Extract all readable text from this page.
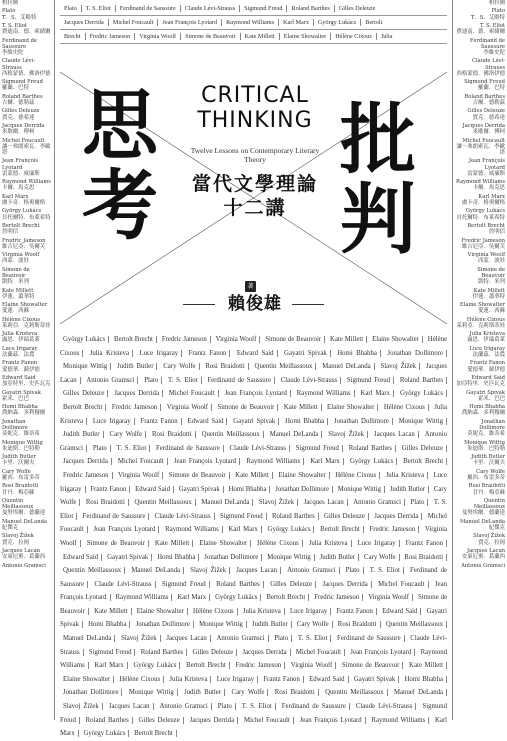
柏拉圖
Plato
T．S．艾略特
T. S. Eliot
費迪南．德．索緒爾
Ferdinand de Saussure
李維史陀
Claude Lévi-Strauss
西格蒙德．佛洛伊德
Sigmund Freud
羅蘭．巴特
Roland Barthes
吉爾．德勒茲
Gilles Deleuze
賈克．德希達
Jacques Derrida
米歇爾．傅柯
Michel Foucault
讓－弗朗索瓦．李歐塔
Jean François Lyotard
雷蒙德．威廉斯
Raymond Williams
卡爾．馬克思
Karl Marx
盧卡奇．格奧爾格
György Lukács
貝托爾特．布萊希特
Bertolt Brecht
詹明信
Fredric Jameson
維吉尼亞．吳爾芙
Virginia Woolf
西蒙．波娃
Simone de Beauvoir
凱特．米列
Kate Millett
伊蓮．蕭華特
Elaine Showalter
愛蓮．西蘇
Hélène Cixous
茱莉亞．克莉斯蒂娃
Julia Kristeva
露思．伊瑞葛萊
Luce Irigaray
法蘭茲．法農
Frantz Fanon
愛德華．薩伊德
Edward Said
加亞特里．史匹瓦克
Gayatri Spivak
霍米．巴巴
Homi Bhabha
喬納森．多利穆爾
Jonathan Dollimore
莫妮克．維蒂希
Monique Wittig
朱迪斯．巴特勒
Judith Butler
卡里．沃爾夫
Cary Wolfe
羅西．布雷多蒂
Rosi Braidotti
甘丹．梅亞蘇
Quentin Meillassoux
曼努埃爾．德蘭達
Manuel DeLanda
紀傑克
Slavoj Žižek
賈克．拉岡
Jacques Lacan
安東尼奧．葛蘭西
Antonio Gramsci
柏拉圖
Plato
T．S．艾略特
T. S. Eliot
費迪南．德．索緒爾
Ferdinand de Saussure
李維史陀
Claude Lévi-Strauss
西格蒙德．佛洛伊德
Sigmund Freud
羅蘭．巴特
Roland Barthes
吉爾．德勒茲
Gilles Deleuze
賈克．德希達
Jacques Derrida
米歇爾．傅柯
Michel Foucault
讓－弗朗索瓦．李歐塔
Jean François Lyotard
雷蒙德．威廉斯
Raymond Williams
卡爾．馬克思
Karl Marx
盧卡奇．格奧爾格
György Lukács
貝托爾特．布萊希特
Bertolt Brecht
詹明信
Fredric Jameson
維吉尼亞．吳爾芙
Virginia Woolf
西蒙．波娃
Simone de Beauvoir
凱特．米列
Kate Millett
伊蓮．蕭華特
Elaine Showalter
愛蓮．西蘇
Hélène Cixous
茱莉亞．克莉斯蒂娃
Julia Kristeva
露思．伊瑞葛萊
Luce Irigaray
法蘭茲．法農
Frantz Fanon
愛德華．薩伊德
Edward Said
加亞特里．史匹瓦克
Gayatri Spivak
霍米．巴巴
Homi Bhabha
喬納森．多利穆爾
Jonathan Dollimore
莫妮克．維蒂希
Monique Wittig
朱迪斯．巴特勒
Judith Butler
卡里．沃爾夫
Cary Wolfe
羅西．布雷多蒂
Rosi Braidotti
甘丹．梅亞蘇
Quentin Meillassoux
曼努埃爾．德蘭達
Manuel DeLanda
紀傑克
Slavoj Žižek
賈克．拉岡
Jacques Lacan
安東尼奧．葛蘭西
Antonio Gramsci
Plato	T. S. Eliot	Ferdinand de Saussure	Claude Lévi-Strauss	Sigmund Freud	Roland Barthes	Gilles Deleuze
Jacques Derrida	Michel Foucault	Jean François Lyotard	Raymond Williams	Karl Marx	György Lukács	Bertolt
Brecht	Fredric Jameson	Virginia Woolf	Simone de Beauvoir	Kate Millett	Elaine Showalter	Hélène Cixous	Julia
CRITICAL THINKING
Twelve Lessons on Contemporary Literary Theory
思考
批判
當代文學理論
十二講
著
賴俊雄
György Lukács Bertolt Brecht Fredric Jameson Virginia Woolf Simone de Beauvoir Kate Millett Elaine Showalter Hélène Cixous Julia Kristeva Luce Irigaray Frantz Fanon Edward Said Gayatri Spivak Homi Bhabha Jonathan Dollimore Monique Wittig Judith Butler Cary Wolfe Rosi Braidotti Quentin Meillassoux Manuel DeLanda Slavoj Žižek Jacques Lacan Antonio Gramsci Plato T. S. Eliot Ferdinand de Saussure Claude Lévi-Strauss Sigmund Freud Roland Barthes Gilles Deleuze Jacques Derrida Michel Foucault Jean François Lyotard Raymond Williams Karl Marx György Lukács Bertolt Brecht Fredric Jameson Virginia Woolf Simone de Beauvoir Kate Millett Elaine Showalter Hélène Cixous Julia Kristeva Luce Irigaray Frantz Fanon Edward Said Gayatri Spivak Homi Bhabha Jonathan Dollimore Monique Wittig Judith Butler Cary Wolfe Rosi Braidotti Quentin Meillassoux Manuel DeLanda Slavoj Žižek Jacques Lacan Antonio Gramsci Plato T. S. Eliot Ferdinand de Saussure Claude Lévi-Strauss Sigmund Freud Roland Barthes Gilles Deleuze Jacques Derrida Michel Foucault Jean François Lyotard Raymond Williams Karl Marx György Lukács Bertolt Brecht Fredric Jameson Virginia Woolf Simone de Beauvoir Kate Millett Elaine Showalter Hélène Cixous Julia Kristeva Luce Irigaray Frantz Fanon Edward Said Gayatri Spivak Homi Bhabha Jonathan Dollimore Monique Wittig Judith Butler Cary Wolfe Rosi Braidotti Quentin Meillassoux Manuel DeLanda Slavoj Žižek Jacques Lacan Antonio Gramsci Plato T. S. Eliot Ferdinand de Saussure Claude Lévi-Strauss Sigmund Freud Roland Barthes Gilles Deleuze Jacques Derrida Michel Foucault Jean François Lyotard Raymond Williams Karl Marx György Lukács Bertolt Brecht Fredric Jameson Virginia Woolf Simone de Beauvoir Kate Millett Elaine Showalter Hélène Cixous Julia Kristeva Luce Irigaray Frantz Fanon Edward Said Gayatri Spivak Homi Bhabha Jonathan Dollimore Monique Wittig Judith Butler Cary Wolfe Rosi Braidotti Quentin Meillassoux Manuel DeLanda Slavoj Žižek Jacques Lacan Antonio Gramsci Plato T. S. Eliot Ferdinand de Saussure Claude Lévi-Strauss Sigmund Freud Roland Barthes Gilles Deleuze Jacques Derrida Michel Foucault Jean François Lyotard Raymond Williams Karl Marx György Lukács Bertolt Brecht Fredric Jameson Virginia Woolf Simone de Beauvoir Kate Millett Elaine Showalter Hélène Cixous Julia Kristeva Luce Irigaray Frantz Fanon Edward Said Gayatri Spivak Homi Bhabha Jonathan Dollimore Monique Wittig Judith Butler Cary Wolfe Rosi Braidotti Quentin Meillassoux Manuel DeLanda Slavoj Žižek Jacques Lacan Antonio Gramsci Plato T. S. Eliot Ferdinand de Saussure Claude Lévi-Strauss Sigmund Freud Roland Barthes Gilles Deleuze Jacques Derrida Michel Foucault Jean François Lyotard Raymond Williams Karl Marx György Lukács Bertolt Brecht Fredric Jameson Virginia Woolf Simone de Beauvoir Kate Millett Elaine Showalter Hélène Cixous Julia Kristeva Luce Irigaray Frantz Fanon Edward Said Gayatri Spivak Homi Bhabha Jonathan Dollimore Monique Wittig Judith Butler Cary Wolfe Rosi Braidotti Quentin Meillassoux Manuel DeLanda Slavoj Žižek Jacques Lacan Antonio Gramsci Plato T. S. Eliot Ferdinand de Saussure Claude Lévi-Strauss Sigmund Freud Roland Barthes Gilles Deleuze Jacques Derrida Michel Foucault Jean François Lyotard Raymond Williams Karl Marx György Lukács Bertolt Brecht
